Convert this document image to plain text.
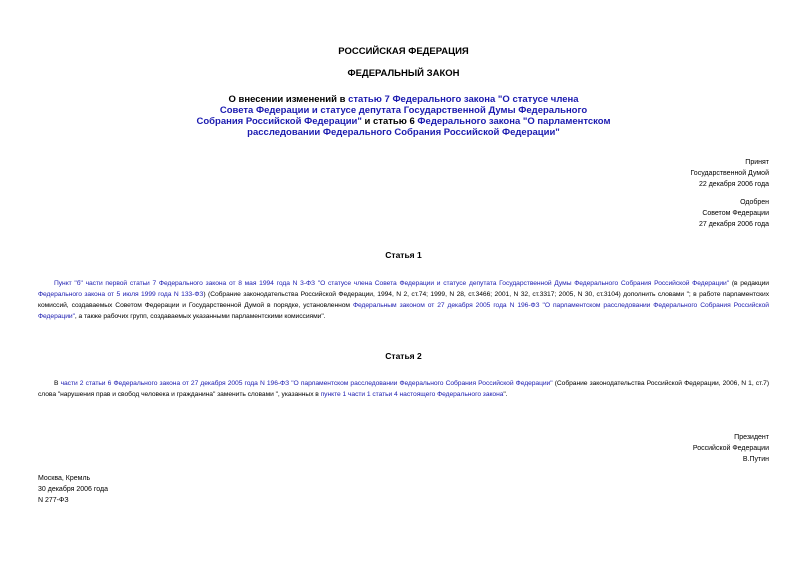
РОССИЙСКАЯ ФЕДЕРАЦИЯ
ФЕДЕРАЛЬНЫЙ ЗАКОН
О внесении изменений в статью 7 Федерального закона "О статусе члена
Совета Федерации и статусе депутата Государственной Думы Федерального
Собрания Российской Федерации" и статью 6 Федерального закона "О парламентском
расследовании Федерального Собрания Российской Федерации"
Принят
Государственной Думой
22 декабря 2006 года
Одобрен
Советом Федерации
27 декабря 2006 года
Статья 1
Пункт "б" части первой статьи 7 Федерального закона от 8 мая 1994 года N 3-ФЗ "О статусе члена Совета Федерации и статусе депутата Государственной Думы Федерального Собрания Российской Федерации" (в редакции Федерального закона от 5 июля 1999 года N 133-ФЗ) (Собрание законодательства Российской Федерации, 1994, N 2, ст.74; 1999, N 28, ст.3466; 2001, N 32, ст.3317; 2005, N 30, ст.3104) дополнить словами "; в работе парламентских комиссий, создаваемых Советом Федерации и Государственной Думой в порядке, установленном Федеральным законом от 27 декабря 2005 года N 196-ФЗ "О парламентском расследовании Федерального Собрания Российской Федерации", а также рабочих групп, создаваемых указанными парламентскими комиссиями".
Статья 2
В части 2 статьи 6 Федерального закона от 27 декабря 2005 года N 196-ФЗ "О парламентском расследовании Федерального Собрания Российской Федерации" (Собрание законодательства Российской Федерации, 2006, N 1, ст.7) слова "нарушения прав и свобод человека и гражданина" заменить словами ", указанных в пункте 1 части 1 статьи 4 настоящего Федерального закона".
Президент
Российской Федерации
В.Путин
Москва, Кремль
30 декабря 2006 года
N 277-ФЗ
